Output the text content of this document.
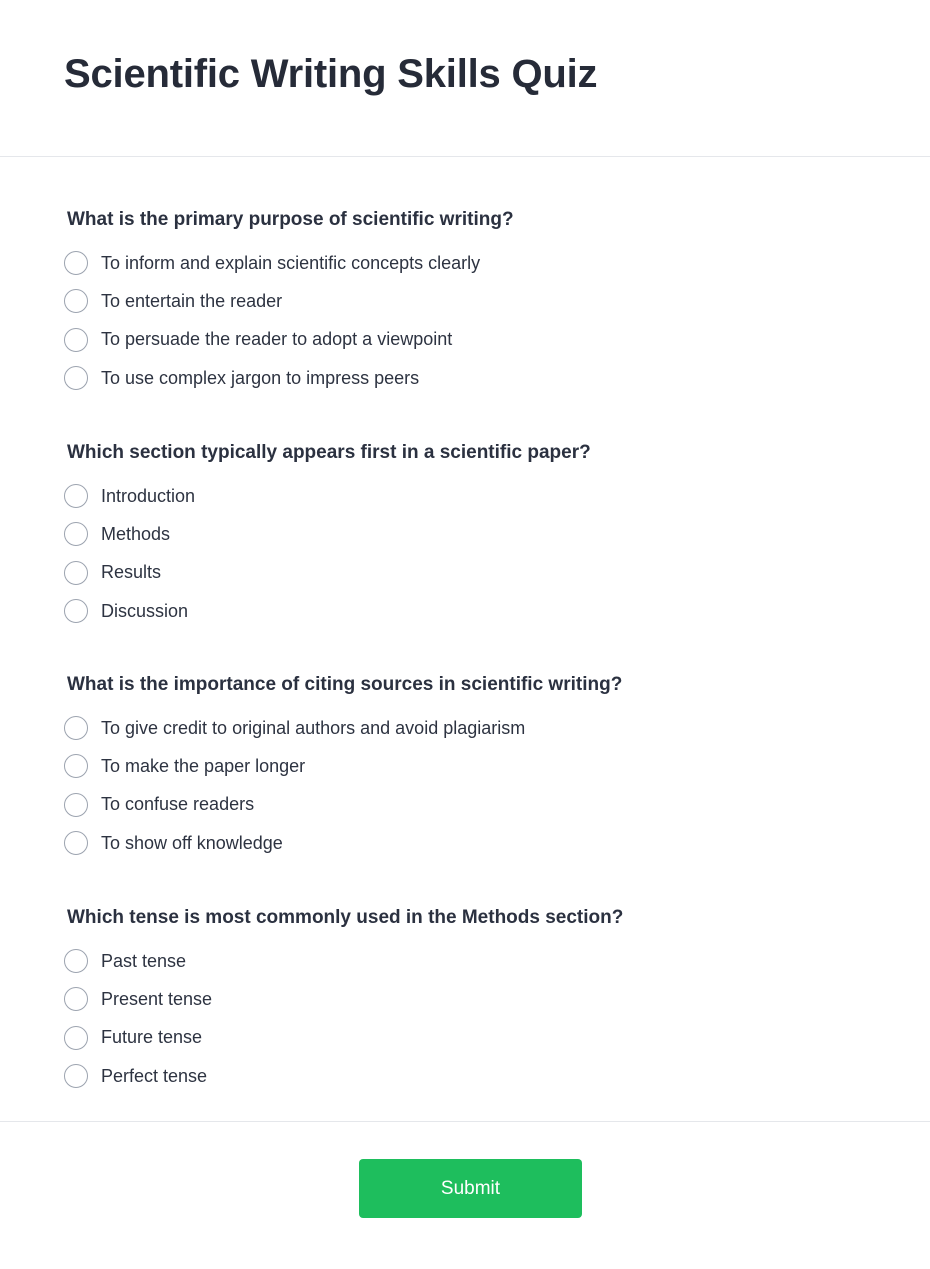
Scientific Writing Skills Quiz
What is the primary purpose of scientific writing?
To inform and explain scientific concepts clearly
To entertain the reader
To persuade the reader to adopt a viewpoint
To use complex jargon to impress peers
Which section typically appears first in a scientific paper?
Introduction
Methods
Results
Discussion
What is the importance of citing sources in scientific writing?
To give credit to original authors and avoid plagiarism
To make the paper longer
To confuse readers
To show off knowledge
Which tense is most commonly used in the Methods section?
Past tense
Present tense
Future tense
Perfect tense
Submit
